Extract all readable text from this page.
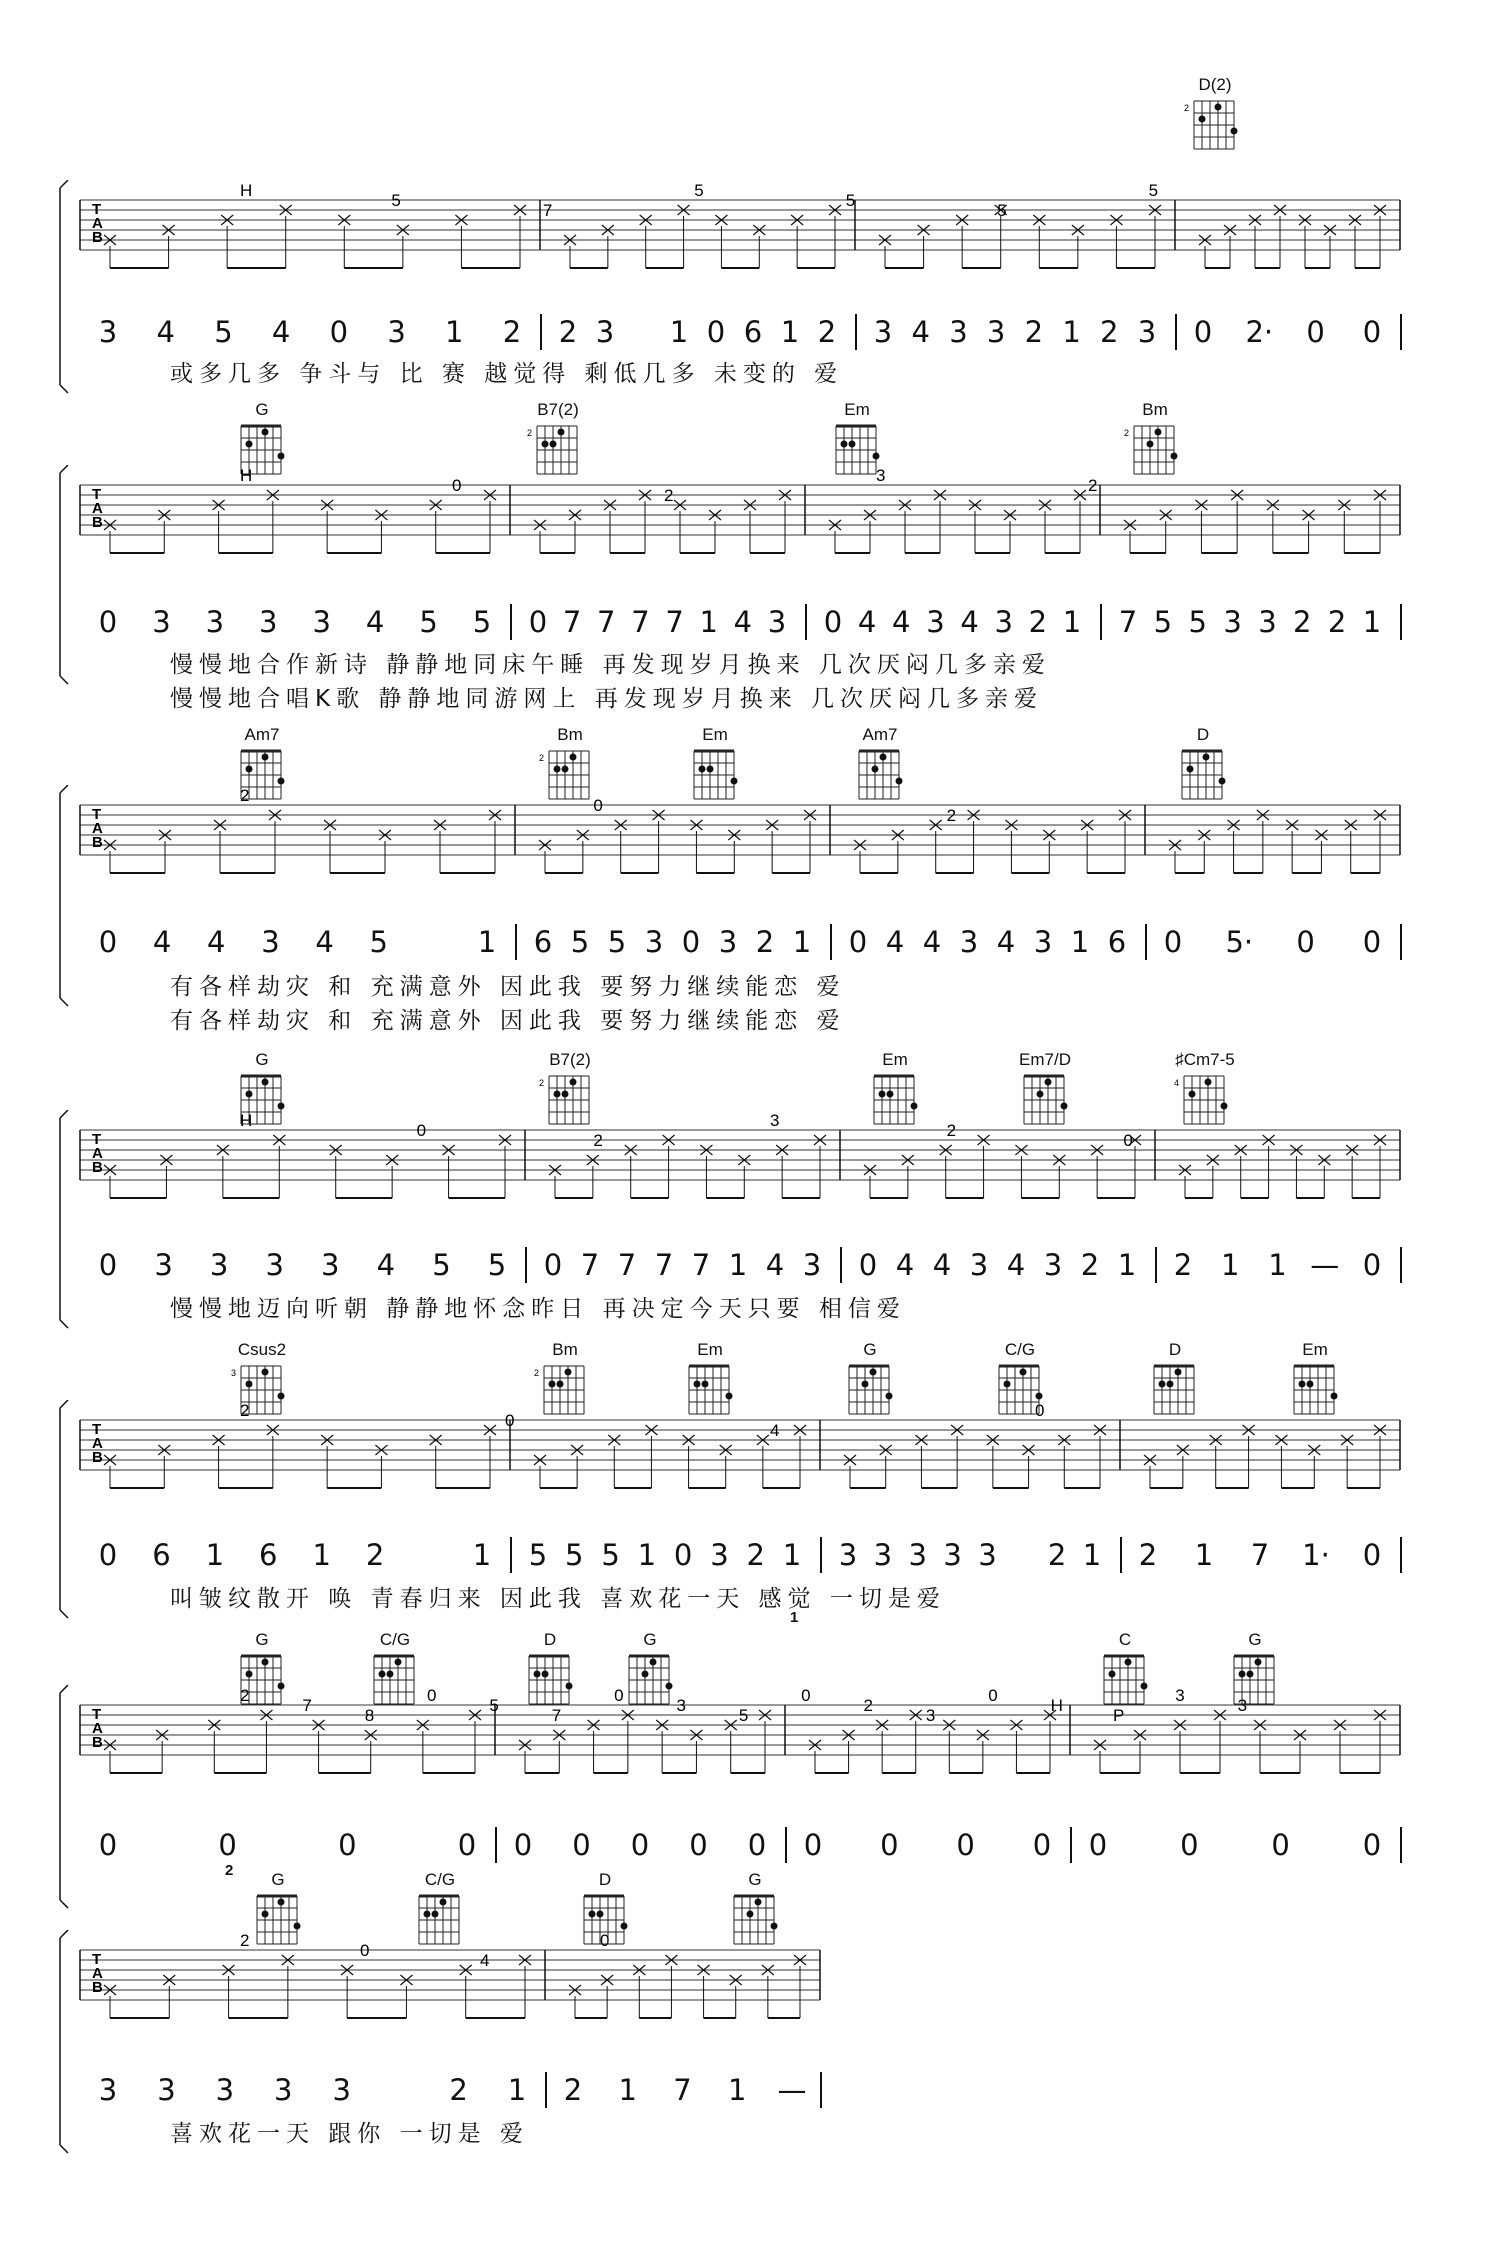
T
A
B
H
5
7
5
5
5
5
D(2)
2
3	4	5	4	0	3	1	2	2 3	1 0 6 1 2	3 4 3 3 2 1 2 3	0	2·	0	0
或多几多 争斗与 比 赛 越觉得 剩低几多 未变的 爱
T
A
B
H
0
2
3
2
G	B7(2)
2
Em	Bm
2
0	3	3	3	3	4	5	5	0 7 7 7 7 1 4 3	0 4 4 3 4 3 2 1	7 5 5 3 3 2 2 1
慢慢地合作新诗 静静地同床午睡 再发现岁月换来 几次厌闷几多亲爱
慢慢地合唱K歌 静静地同游网上 再发现岁月换来 几次厌闷几多亲爱
T
A
B
2
0
2
Am7	Bm
2
Em	Am7	D
0	4	4	3	4	5	1	6 5 5 3 0 3 2 1	0 4 4 3 4 3 1 6	0	5·	0	0
有各样劫灾 和 充满意外 因此我 要努力继续能恋 爱
有各样劫灾 和 充满意外 因此我 要努力继续能恋 爱
T
A
B
H
0
2
3
2
0
G	B7(2)
2
Em	Em7/D	♯Cm7-5
4
0	3	3	3	3	4	5	5	0 7 7 7 7 1 4 3	0 4 4 3 4 3 2 1	2 1 1 — 0
慢慢地迈向听朝 静静地怀念昨日 再决定今天只要 相信爱
T
A
B
2
0
4
0
Csus2
3
Bm
2
Em	G	C/G	D	Em
0	6	1	6	1	2	1	5 5 5 1 0 3 2 1	3 3 3 3 3	2 1	2	1	7	1·	0
叫皱纹散开 唤 青春归来 因此我 喜欢花一天 感觉 一切是爱
1
T
A
B
2
7
8
0
5
7
0
3
5
0
2
3
0
H
P
3
3
G	C/G	D	G	C	G
0	0	0	0	0	0	0	0	0	0	0	0	0	0	0	0	0
2
T
A
B
2
0
4
0
G	C/G	D	G
3	3	3	3	3	2	1	2	1	7	1	—
喜欢花一天 跟你 一切是 爱
